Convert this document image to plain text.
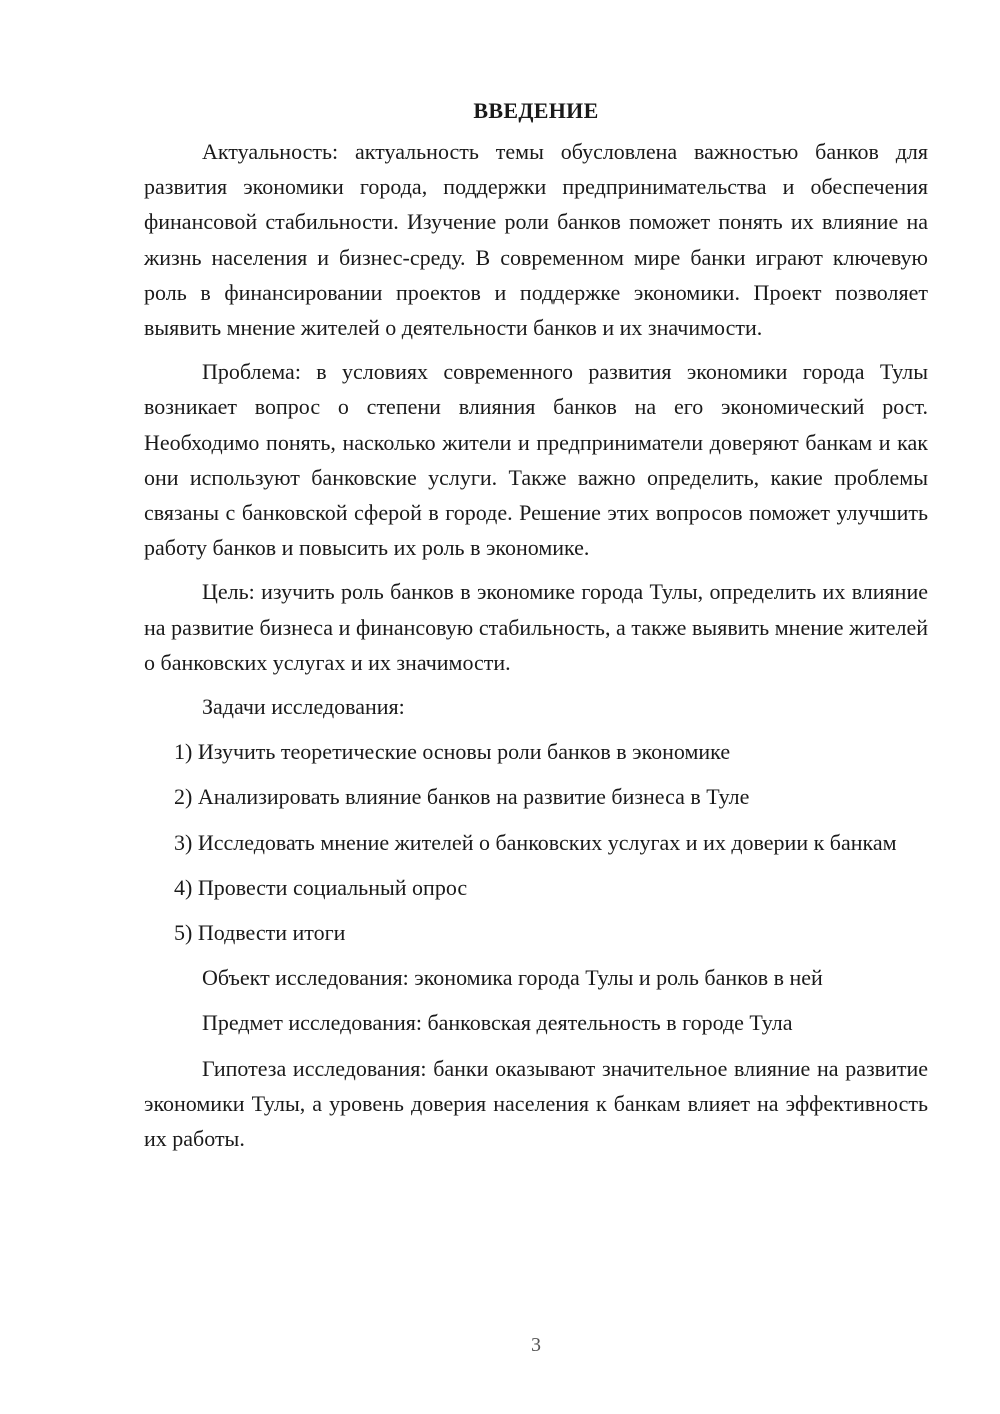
ВВЕДЕНИЕ

Актуальность: актуальность темы обусловлена важностью банков для развития экономики города, поддержки предпринимательства и обеспечения финансовой стабильности. Изучение роли банков поможет понять их влияние на жизнь населения и бизнес-среду. В современном мире банки играют ключевую роль в финансировании проектов и поддержке экономики. Проект позволяет выявить мнение жителей о деятельности банков и их значимости.

Проблема: в условиях современного развития экономики города Тулы возникает вопрос о степени влияния банков на его экономический рост. Необходимо понять, насколько жители и предприниматели доверяют банкам и как они используют банковские услуги. Также важно определить, какие проблемы связаны с банковской сферой в городе. Решение этих вопросов поможет улучшить работу банков и повысить их роль в экономике.

Цель: изучить роль банков в экономике города Тулы, определить их влияние на развитие бизнеса и финансовую стабильность, а также выявить мнение жителей о банковских услугах и их значимости.

Задачи исследования:

1) Изучить теоретические основы роли банков в экономике

2) Анализировать влияние банков на развитие бизнеса в Туле

3) Исследовать мнение жителей о банковских услугах и их доверии к банкам

4) Провести социальный опрос

5) Подвести итоги

Объект исследования: экономика города Тулы и роль банков в ней

Предмет исследования: банковская деятельность в городе Тула

Гипотеза исследования: банки оказывают значительное влияние на развитие экономики Тулы, а уровень доверия населения к банкам влияет на эффективность их работы.

3
